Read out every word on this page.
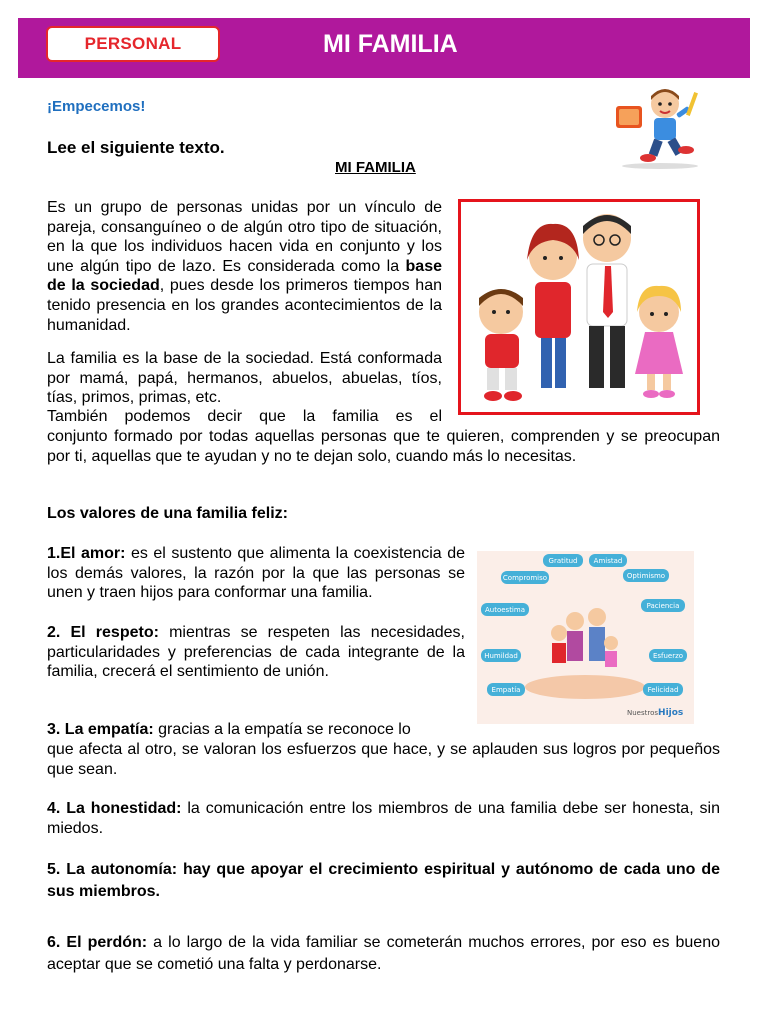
PERSONAL	MI FAMILIA
¡Empecemos!
Lee el siguiente texto.
MI FAMILIA

Es un grupo de personas unidas por un vínculo de pareja, consanguíneo o de algún otro tipo de situación, en la que los individuos hacen vida en conjunto y los une algún tipo de lazo. Es considerada como la base de la sociedad, pues desde los primeros tiempos han tenido presencia en los grandes acontecimientos de la humanidad.

La familia es la base de la sociedad. Está conformada por mamá, papá, hermanos, abuelos, abuelas, tíos, tías, primos, primas, etc.

También podemos decir que la familia es el

conjunto formado por todas aquellas personas que te quieren, comprenden y se preocupan por ti, aquellas que te ayudan y no te dejan solo, cuando más lo necesitas.

Los valores de una familia feliz:

1.El amor: es el sustento que alimenta la coexistencia de los demás valores, la razón por la que las personas se unen y traen hijos para conformar una familia.

2. El respeto: mientras se respeten las necesidades, particularidades y preferencias de cada integrante de la familia, crecerá el sentimiento de unión.

3. La empatía: gracias a la empatía se reconoce lo

que afecta al otro, se valoran los esfuerzos que hace, y se aplauden sus logros por pequeños que sean.

4. La honestidad: la comunicación entre los miembros de una familia debe ser honesta, sin miedos.

5. La autonomía: hay que apoyar el crecimiento espiritual y autónomo de cada uno de sus miembros.

6. El perdón: a lo largo de la vida familiar se cometerán muchos errores, por eso es bueno aceptar que se cometió una falta y perdonarse.

Gratitud Amistad
Compromiso	Optimismo
Autoestima	Paciencia
Humildad	Esfuerzo
Empatía	Felicidad
NuestrosHijos
